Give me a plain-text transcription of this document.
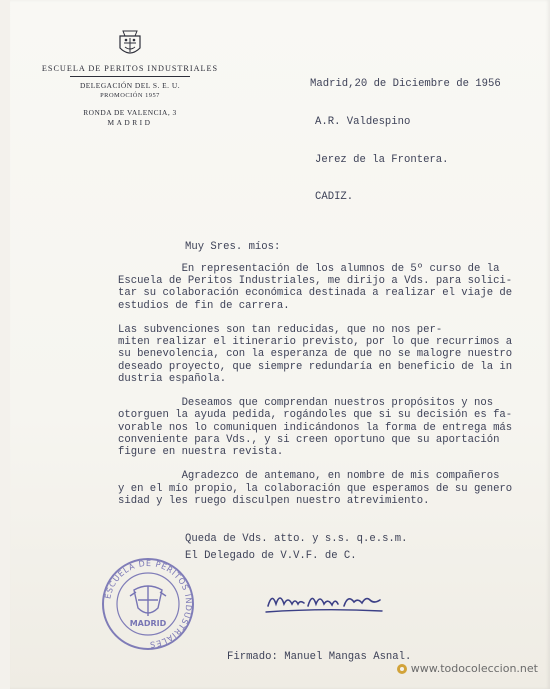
ESCUELA DE PERITOS INDUSTRIALES
DELEGACIÓN DEL S. E. U.
PROMOCIÓN 1957
RONDA DE VALENCIA, 3
MADRID
Madrid,20 de Diciembre de 1956

A.R. Valdespino

Jerez de la Frontera.

CADIZ.

Muy Sres. míos:
En representación de los alumnos de 5º curso de la
Escuela de Peritos Industriales, me dirijo a Vds. para solici-
tar su colaboración económica destinada a realizar el viaje de
estudios de fin de carrera.

Las subvenciones son tan reducidas, que no nos per-
miten realizar el itinerario previsto, por lo que recurrimos a
su benevolencia, con la esperanza de que no se malogre nuestro
deseado proyecto, que siempre redundaría en beneficio de la in
dustria española.

Deseamos que comprendan nuestros propósitos y nos
otorguen la ayuda pedida, rogándoles que si su decisión es fa-
vorable nos lo comuniquen indicándonos la forma de entrega más
conveniente para Vds., y si creen oportuno que su aportación
figure en nuestra revista.

Agradezco de antemano, en nombre de mis compañeros
y en el mío propio, la colaboración que esperamos de su genero
sidad y les ruego disculpen nuestro atrevimiento.
Queda de Vds. atto. y s.s. q.e.s.m.
El Delegado de V.V.F. de C.
ESCUELA DE PERITOS INDUSTRIALES
MADRID
Firmado: Manuel Mangas Asnal.
www.todocoleccion.net
